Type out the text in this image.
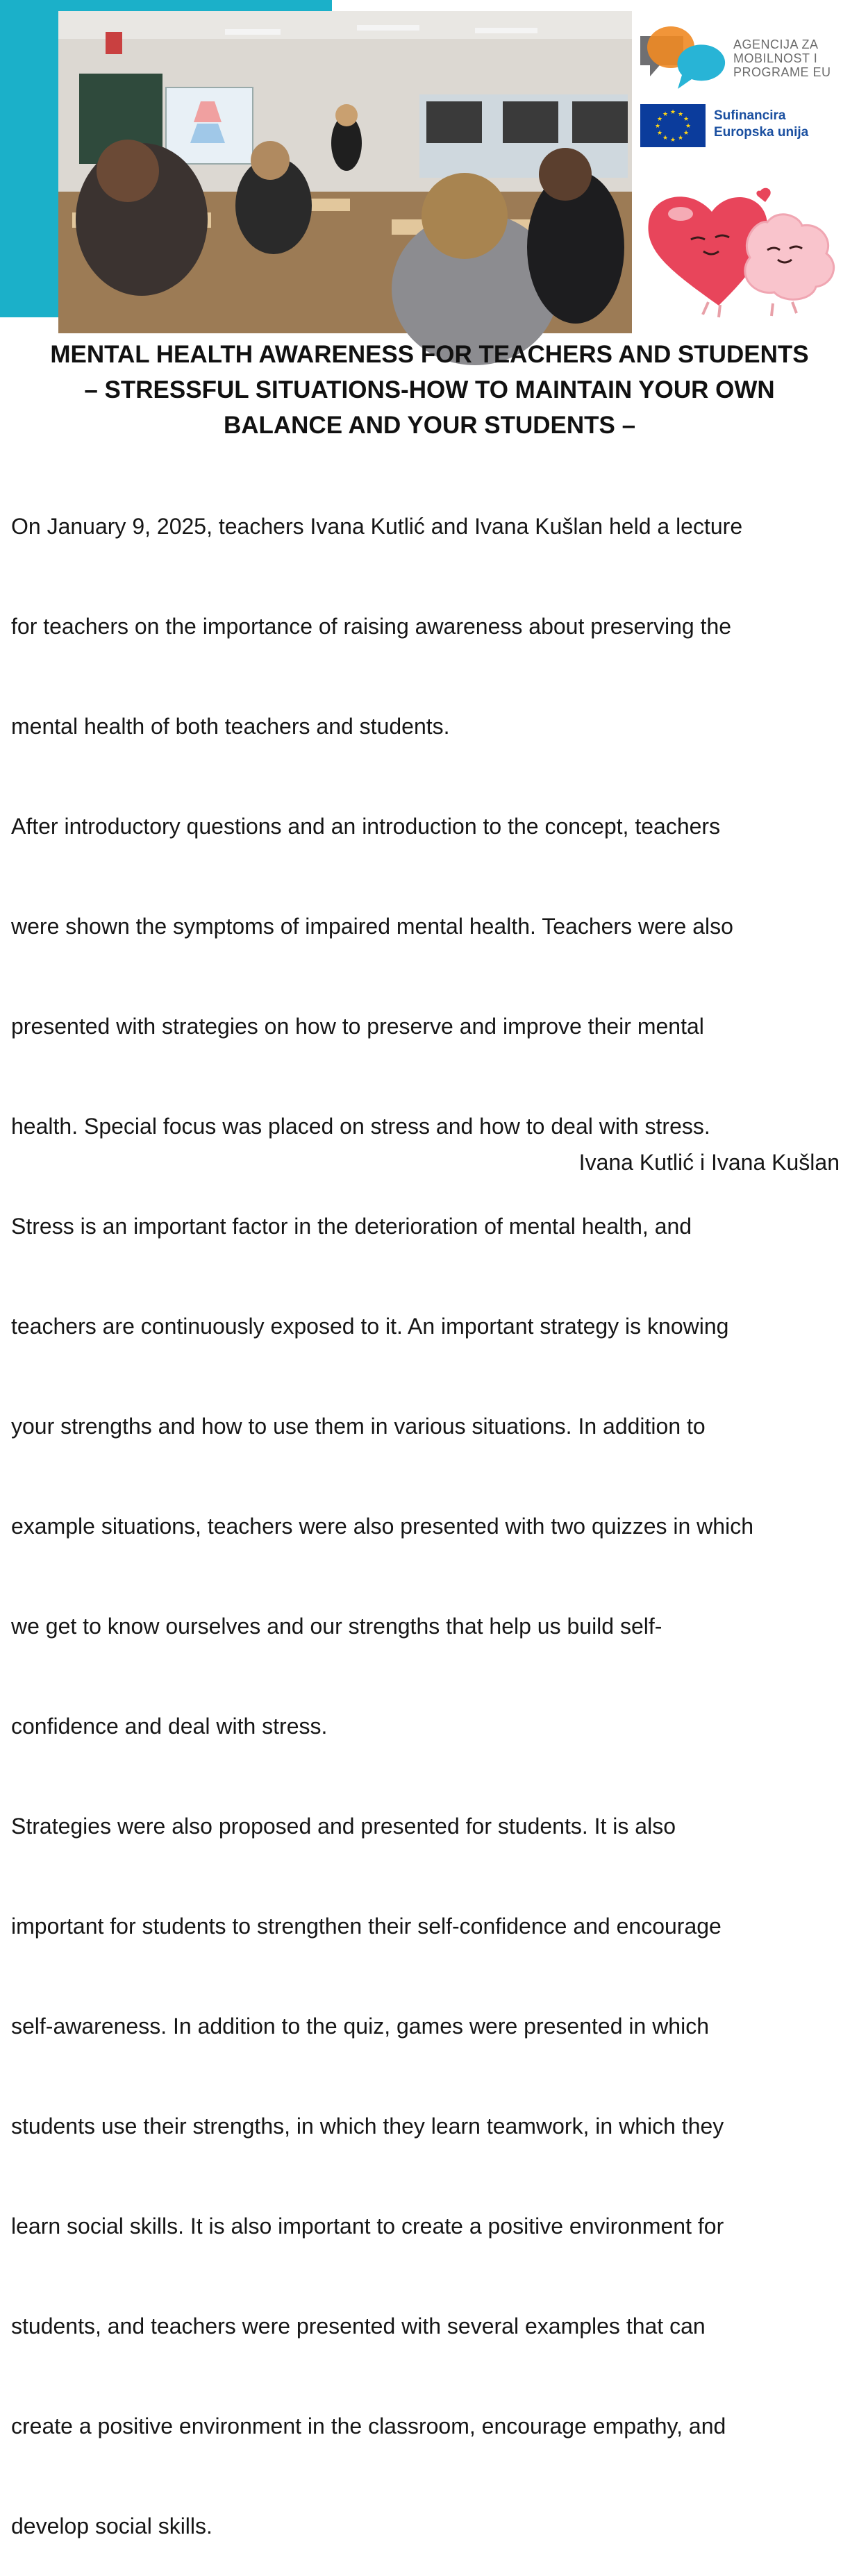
AGENCIJA ZA
MOBILNOST I
PROGRAME EU
★ ★
★
★
★
★
★
★
★
★
★
★	Sufinancira
Europska unija
MENTAL HEALTH AWARENESS FOR TEACHERS AND STUDENTS
– STRESSFUL SITUATIONS-HOW TO MAINTAIN YOUR OWN
BALANCE AND YOUR STUDENTS –

On January 9, 2025, teachers Ivana Kutlić and Ivana Kušlan held a lecture

for teachers on the importance of raising awareness about preserving the

mental health of both teachers and students.

After introductory questions and an introduction to the concept, teachers

were shown the symptoms of impaired mental health. Teachers were also

presented with strategies on how to preserve and improve their mental

health. Special focus was placed on stress and how to deal with stress.

Stress is an important factor in the deterioration of mental health, and

teachers are continuously exposed to it. An important strategy is knowing

your strengths and how to use them in various situations. In addition to

example situations, teachers were also presented with two quizzes in which

we get to know ourselves and our strengths that help us build self-

confidence and deal with stress.

Strategies were also proposed and presented for students. It is also

important for students to strengthen their self-confidence and encourage

self-awareness. In addition to the quiz, games were presented in which

students use their strengths, in which they learn teamwork, in which they

learn social skills. It is also important to create a positive environment for

students, and teachers were presented with several examples that can

create a positive environment in the classroom, encourage empathy, and

develop social skills.

Ivana Kutlić i Ivana Kušlan
